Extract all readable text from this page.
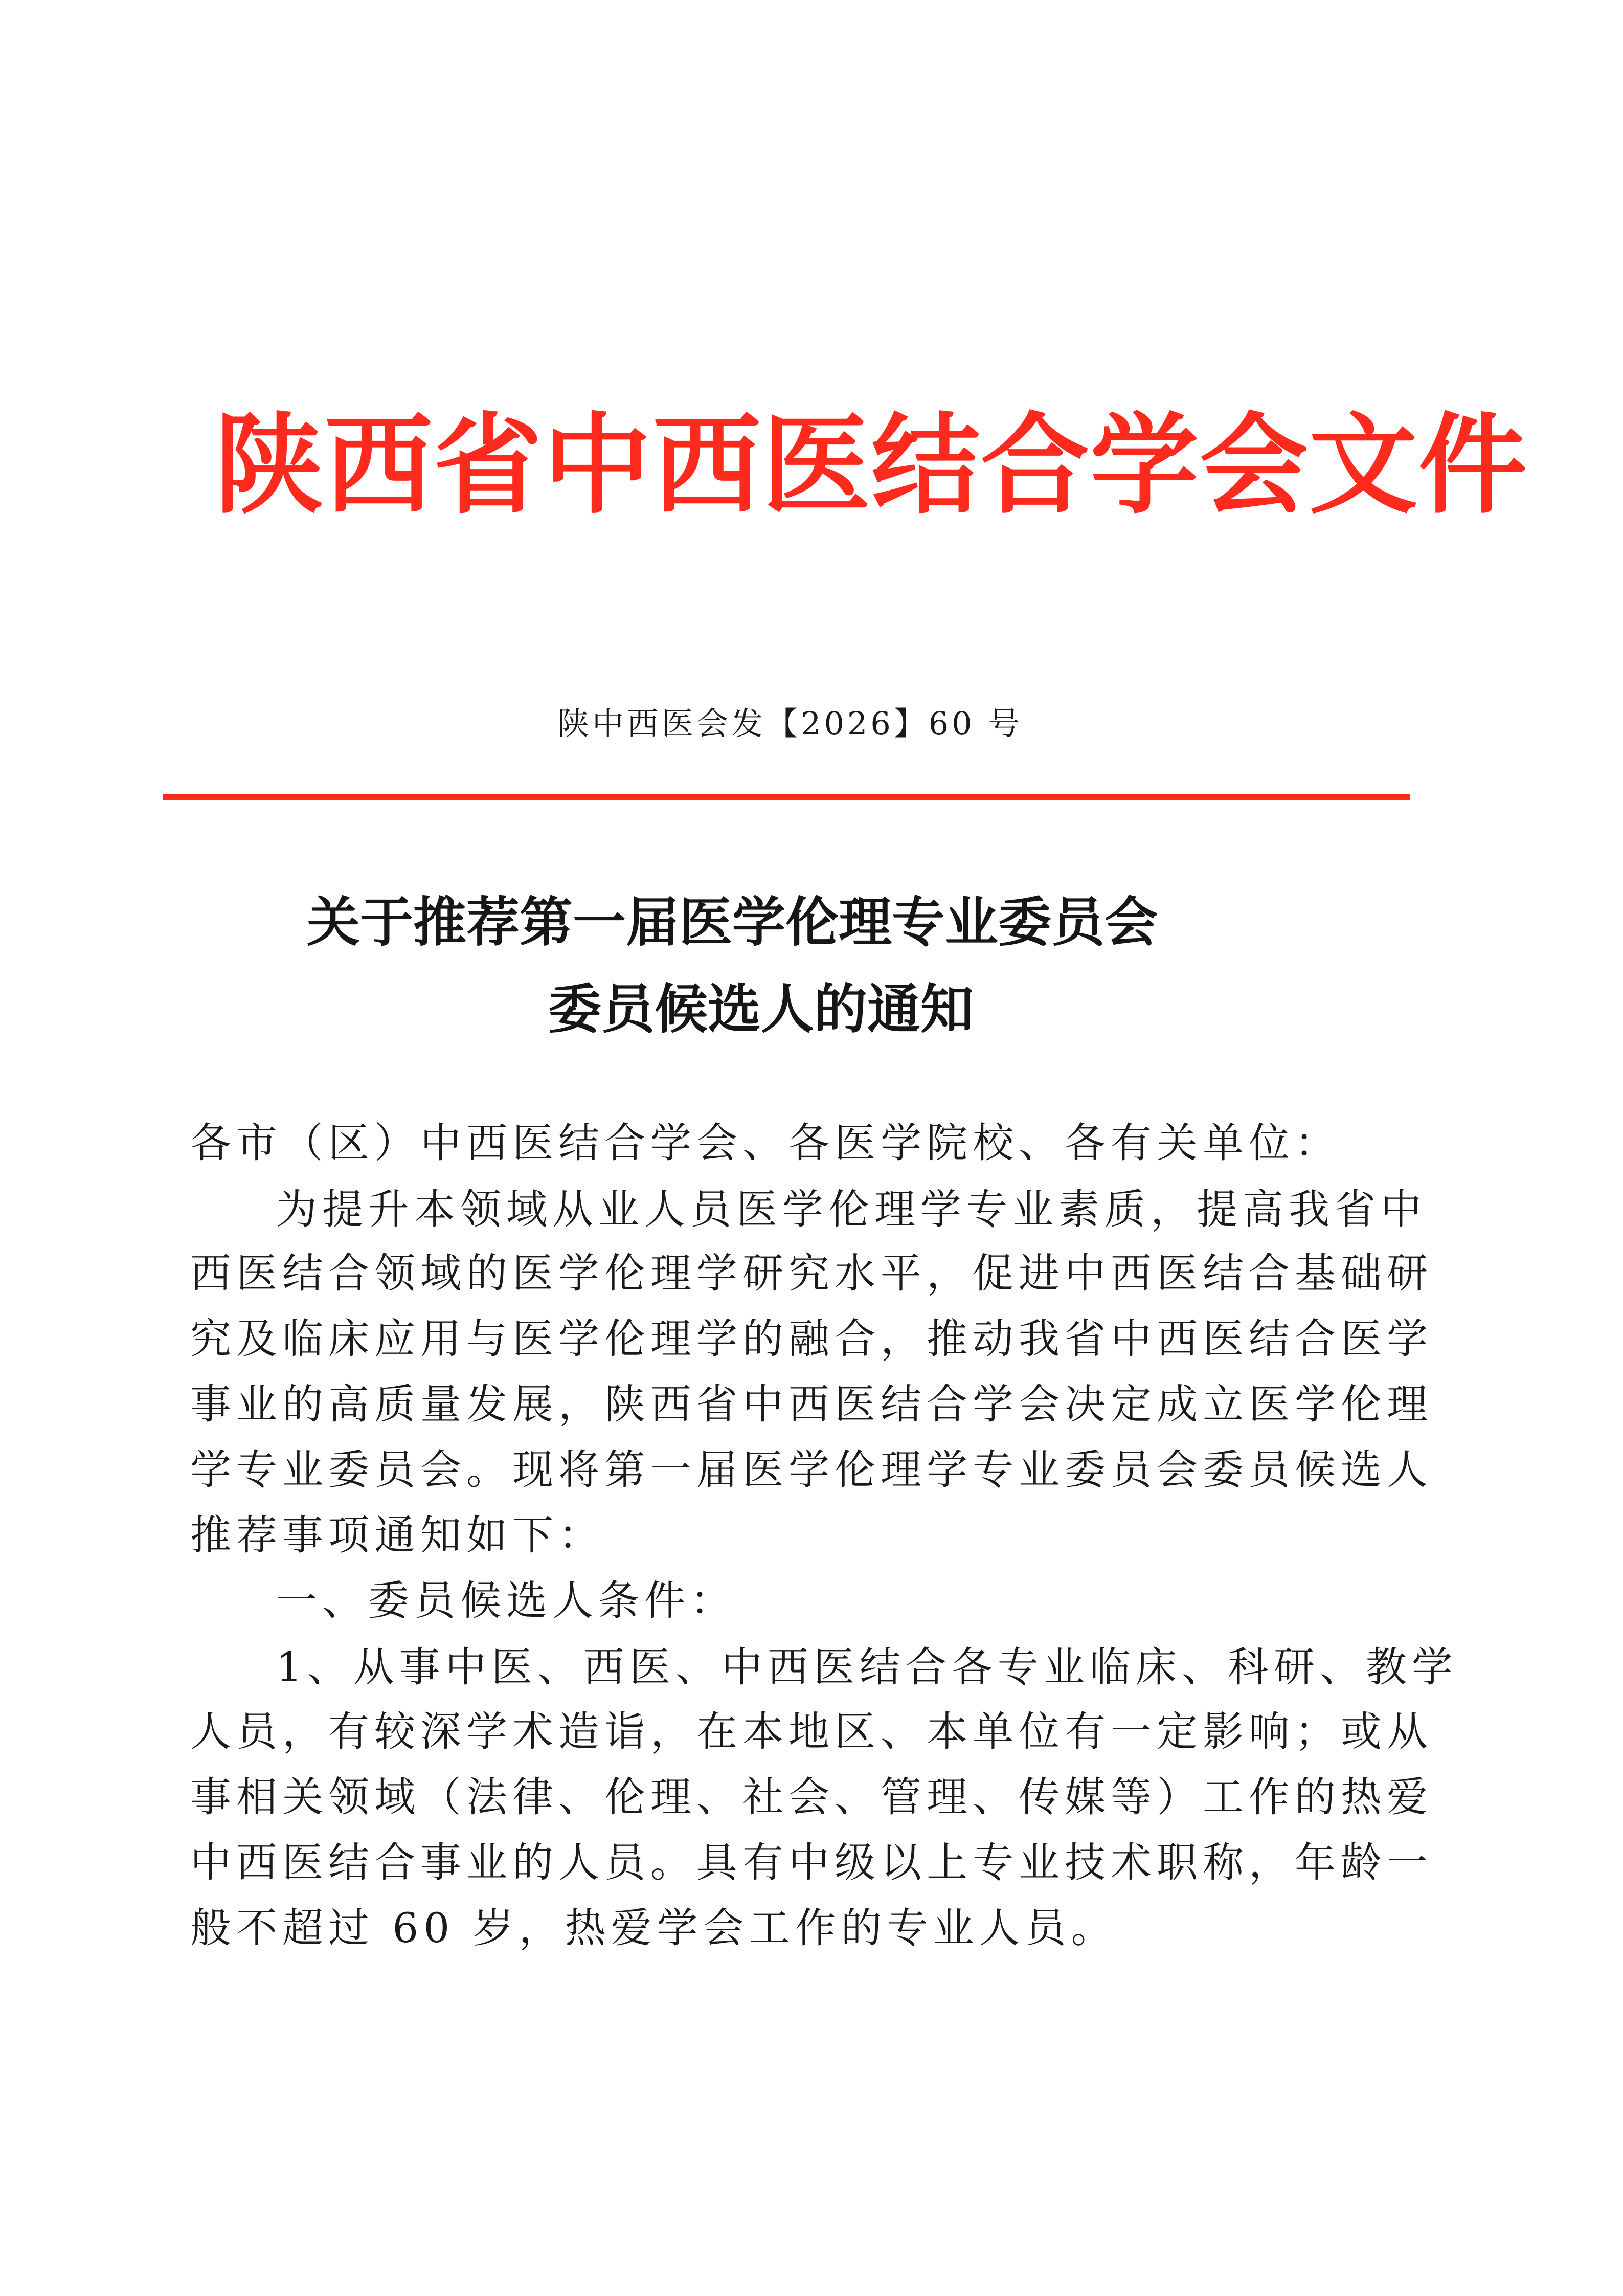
陕西省中西医结合学会文件
陕中西医会发【2026】60 号
关于推荐第一届医学伦理专业委员会
委员候选人的通知
各市（区）中西医结合学会、各医学院校、各有关单位：
为提升本领域从业人员医学伦理学专业素质，提高我省中
西医结合领域的医学伦理学研究水平，促进中西医结合基础研
究及临床应用与医学伦理学的融合，推动我省中西医结合医学
事业的高质量发展，陕西省中西医结合学会决定成立医学伦理
学专业委员会。现将第一届医学伦理学专业委员会委员候选人
推荐事项通知如下：
一、委员候选人条件：
1、从事中医、西医、中西医结合各专业临床、科研、教学
人员，有较深学术造诣，在本地区、本单位有一定影响；或从
事相关领域（法律、伦理、社会、管理、传媒等）工作的热爱
中西医结合事业的人员。具有中级以上专业技术职称，年龄一
般不超过 60 岁，热爱学会工作的专业人员。
